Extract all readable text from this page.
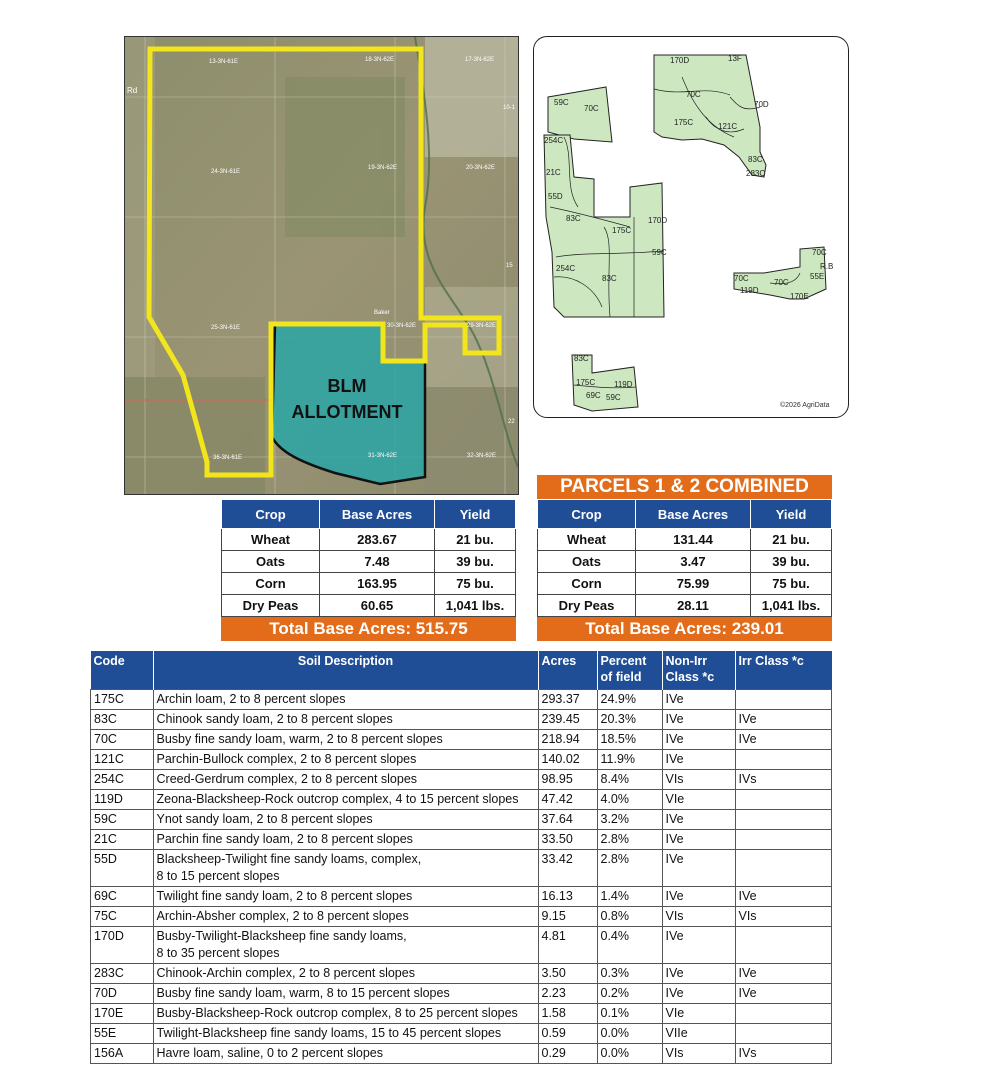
13-3N-61E	18-3N-62E	17-3N-62E
Rd
10-1
24-3N-61E
19-3N-62E	20-3N-62E
15
Baker
25-3N-61E	30-3N-62E	29-3N-62E
36-3N-61E	31-3N-62E	32-3N-62E
22
BLM
ALLOTMENT
170D	13F
70C
70D
175C	121C
83C
283C
59C
70C
254C
21C
55D
83C	170D
175C
59C
254C
83C
70C
70C
R.B
55E
70C
119D
170E
83C
175C 119D
69C 59C
©2026 AgriData
Crop	Base Acres	Yield
Wheat	283.67	21 bu.
Oats	7.48	39 bu.
Corn	163.95	75 bu.
Dry Peas	60.65	1,041 lbs.
Total Base Acres: 515.75
PARCELS 1 & 2 COMBINED
Crop	Base Acres	Yield
Wheat	131.44	21 bu.
Oats	3.47	39 bu.
Corn	75.99	75 bu.
Dry Peas	28.11	1,041 lbs.
Total Base Acres: 239.01
Code	Soil Description	Acres	Percent
of field	Non-Irr
Class *c	Irr Class *c
175C	Archin loam, 2 to 8 percent slopes	293.37	24.9%	IVe	
83C	Chinook sandy loam, 2 to 8 percent slopes	239.45	20.3%	IVe	IVe
70C	Busby fine sandy loam, warm, 2 to 8 percent slopes	218.94	18.5%	IVe	IVe
121C	Parchin-Bullock complex, 2 to 8 percent slopes	140.02	11.9%	IVe	
254C	Creed-Gerdrum complex, 2 to 8 percent slopes	98.95	8.4%	VIs	IVs
119D	Zeona-Blacksheep-Rock outcrop complex, 4 to 15 percent slopes	47.42	4.0%	VIe	
59C	Ynot sandy loam, 2 to 8 percent slopes	37.64	3.2%	IVe	
21C	Parchin fine sandy loam, 2 to 8 percent slopes	33.50	2.8%	IVe	
55D	Blacksheep-Twilight fine sandy loams, complex,
8 to 15 percent slopes	33.42	2.8%	IVe	
69C	Twilight fine sandy loam, 2 to 8 percent slopes	16.13	1.4%	IVe	IVe
75C	Archin-Absher complex, 2 to 8 percent slopes	9.15	0.8%	VIs	VIs
170D	Busby-Twilight-Blacksheep fine sandy loams,
8 to 35 percent slopes	4.81	0.4%	IVe	
283C	Chinook-Archin complex, 2 to 8 percent slopes	3.50	0.3%	IVe	IVe
70D	Busby fine sandy loam, warm, 8 to 15 percent slopes	2.23	0.2%	IVe	IVe
170E	Busby-Blacksheep-Rock outcrop complex, 8 to 25 percent slopes	1.58	0.1%	VIe	
55E	Twilight-Blacksheep fine sandy loams, 15 to 45 percent slopes	0.59	0.0%	VIIe	
156A	Havre loam, saline, 0 to 2 percent slopes	0.29	0.0%	VIs	IVs
